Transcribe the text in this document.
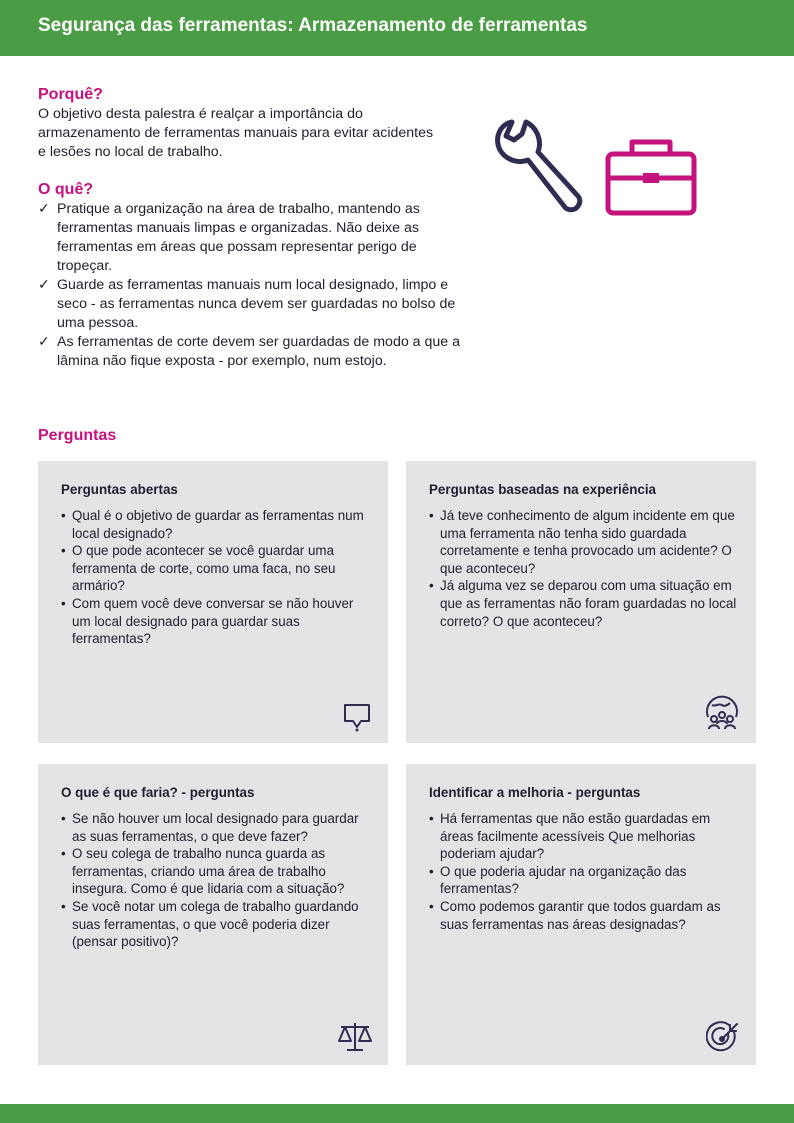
Segurança das ferramentas: Armazenamento de ferramentas
Porquê?

O objetivo desta palestra é realçar a importância do armazenamento de ferramentas manuais para evitar acidentes e lesões no local de trabalho.

O quê?
✓ Pratique a organização na área de trabalho, mantendo as ferramentas manuais limpas e organizadas. Não deixe as ferramentas em áreas que possam representar perigo de tropeçar.
✓ Guarde as ferramentas manuais num local designado, limpo e seco - as ferramentas nunca devem ser guardadas no bolso de uma pessoa.
✓ As ferramentas de corte devem ser guardadas de modo a que a lâmina não fique exposta - por exemplo, num estojo.
Perguntas
Perguntas abertas
• Qual é o objetivo de guardar as ferramentas num local designado?
• O que pode acontecer se você guardar uma ferramenta de corte, como uma faca, no seu armário?
• Com quem você deve conversar se não houver um local designado para guardar suas ferramentas?
Perguntas baseadas na experiência
• Já teve conhecimento de algum incidente em que uma ferramenta não tenha sido guardada corretamente e tenha provocado um acidente? O que aconteceu?
• Já alguma vez se deparou com uma situação em que as ferramentas não foram guardadas no local correto? O que aconteceu?
O que é que faria? - perguntas
• Se não houver um local designado para guardar as suas ferramentas, o que deve fazer?
• O seu colega de trabalho nunca guarda as ferramentas, criando uma área de trabalho insegura. Como é que lidaria com a situação?
• Se você notar um colega de trabalho guardando suas ferramentas, o que você poderia dizer (pensar positivo)?
Identificar a melhoria - perguntas
• Há ferramentas que não estão guardadas em áreas facilmente acessíveis Que melhorias poderiam ajudar?
• O que poderia ajudar na organização das ferramentas?
• Como podemos garantir que todos guardam as suas ferramentas nas áreas designadas?
